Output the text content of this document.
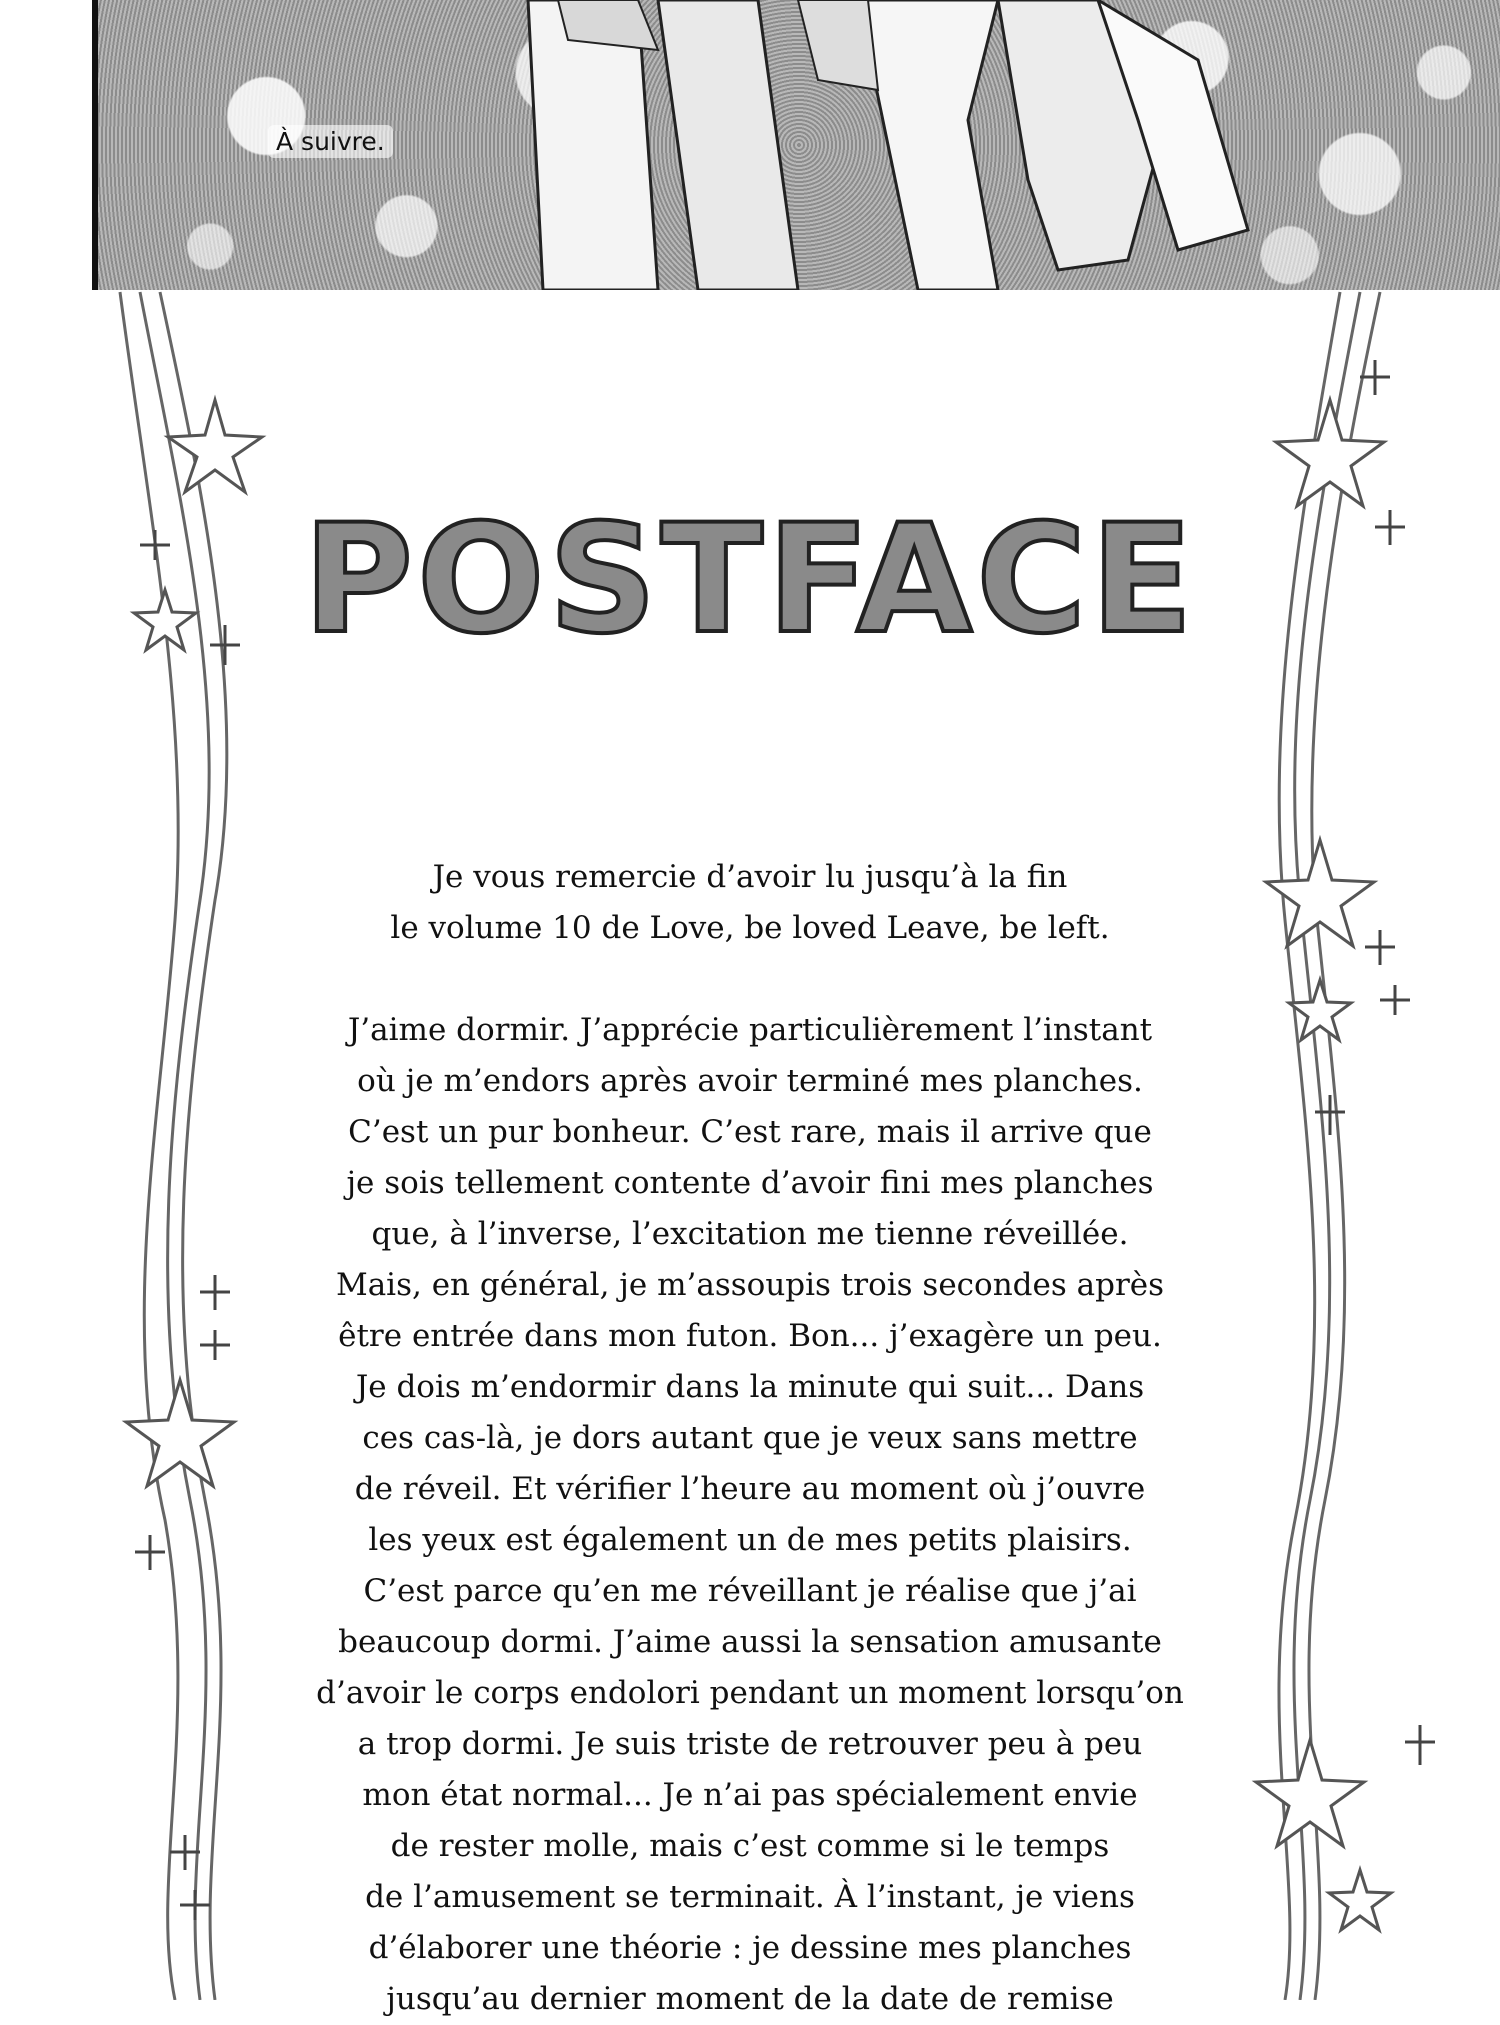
À suivre.
POSTFACE

Je vous remercie d’avoir lu jusqu’à la fin

le volume 10 de Love, be loved Leave, be left.

J’aime dormir. J’apprécie particulièrement l’instant

où je m’endors après avoir terminé mes planches.

C’est un pur bonheur. C’est rare, mais il arrive que

je sois tellement contente d’avoir fini mes planches

que, à l’inverse, l’excitation me tienne réveillée.

Mais, en général, je m’assoupis trois secondes après

être entrée dans mon futon. Bon... j’exagère un peu.

Je dois m’endormir dans la minute qui suit... Dans

ces cas-là, je dors autant que je veux sans mettre

de réveil. Et vérifier l’heure au moment où j’ouvre

les yeux est également un de mes petits plaisirs.

C’est parce qu’en me réveillant je réalise que j’ai

beaucoup dormi. J’aime aussi la sensation amusante

d’avoir le corps endolori pendant un moment lorsqu’on

a trop dormi. Je suis triste de retrouver peu à peu

mon état normal... Je n’ai pas spécialement envie

de rester molle, mais c’est comme si le temps

de l’amusement se terminait. À l’instant, je viens

d’élaborer une théorie : je dessine mes planches

jusqu’au dernier moment de la date de remise
